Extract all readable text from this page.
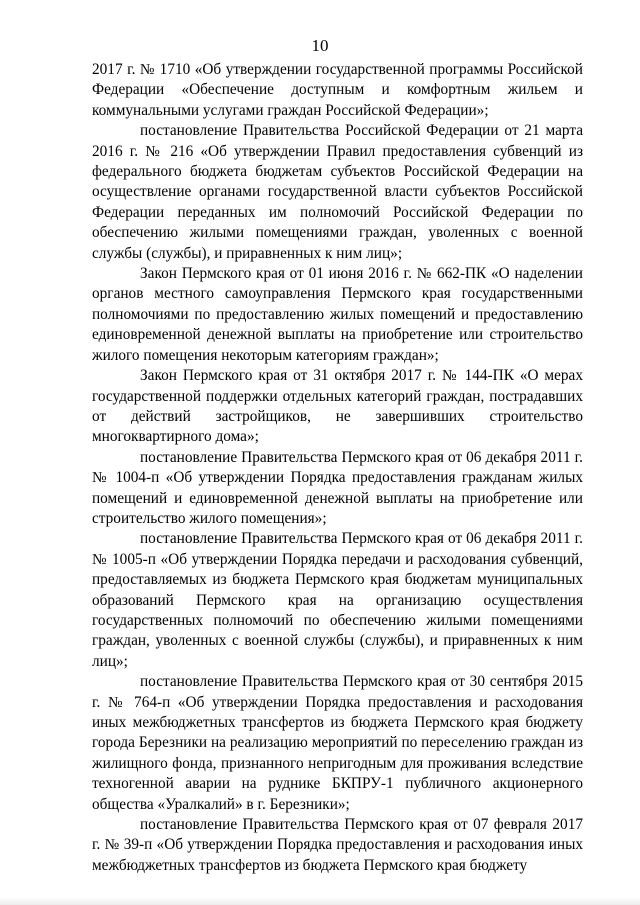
10

2017 г. № 1710 «Об утверждении государственной программы Российской Федерации «Обеспечение доступным и комфортным жильем и коммунальными услугами граждан Российской Федерации»;

постановление Правительства Российской Федерации от 21 марта 2016 г. № 216 «Об утверждении Правил предоставления субвенций из федерального бюджета бюджетам субъектов Российской Федерации на осуществление органами государственной власти субъектов Российской Федерации переданных им полномочий Российской Федерации по обеспечению жилыми помещениями граждан, уволенных с военной службы (службы), и приравненных к ним лиц»;

Закон Пермского края от 01 июня 2016 г. № 662-ПК «О наделении органов местного самоуправления Пермского края государственными полномочиями по предоставлению жилых помещений и предоставлению единовременной денежной выплаты на приобретение или строительство жилого помещения некоторым категориям граждан»;

Закон Пермского края от 31 октября 2017 г. № 144-ПК «О мерах государственной поддержки отдельных категорий граждан, пострадавших от действий застройщиков, не завершивших строительство многоквартирного дома»;

постановление Правительства Пермского края от 06 декабря 2011 г. № 1004-п «Об утверждении Порядка предоставления гражданам жилых помещений и единовременной денежной выплаты на приобретение или строительство жилого помещения»;

постановление Правительства Пермского края от 06 декабря 2011 г. № 1005-п «Об утверждении Порядка передачи и расходования субвенций, предоставляемых из бюджета Пермского края бюджетам муниципальных образований Пермского края на организацию осуществления государственных полномочий по обеспечению жилыми помещениями граждан, уволенных с военной службы (службы), и приравненных к ним лиц»;

постановление Правительства Пермского края от 30 сентября 2015 г. № 764-п «Об утверждении Порядка предоставления и расходования иных межбюджетных трансфертов из бюджета Пермского края бюджету города Березники на реализацию мероприятий по переселению граждан из жилищного фонда, признанного непригодным для проживания вследствие техногенной аварии на руднике БКПРУ-1 публичного акционерного общества «Уралкалий» в г. Березники»;

постановление Правительства Пермского края от 07 февраля 2017 г. № 39-п «Об утверждении Порядка предоставления и расходования иных межбюджетных трансфертов из бюджета Пермского края бюджету
